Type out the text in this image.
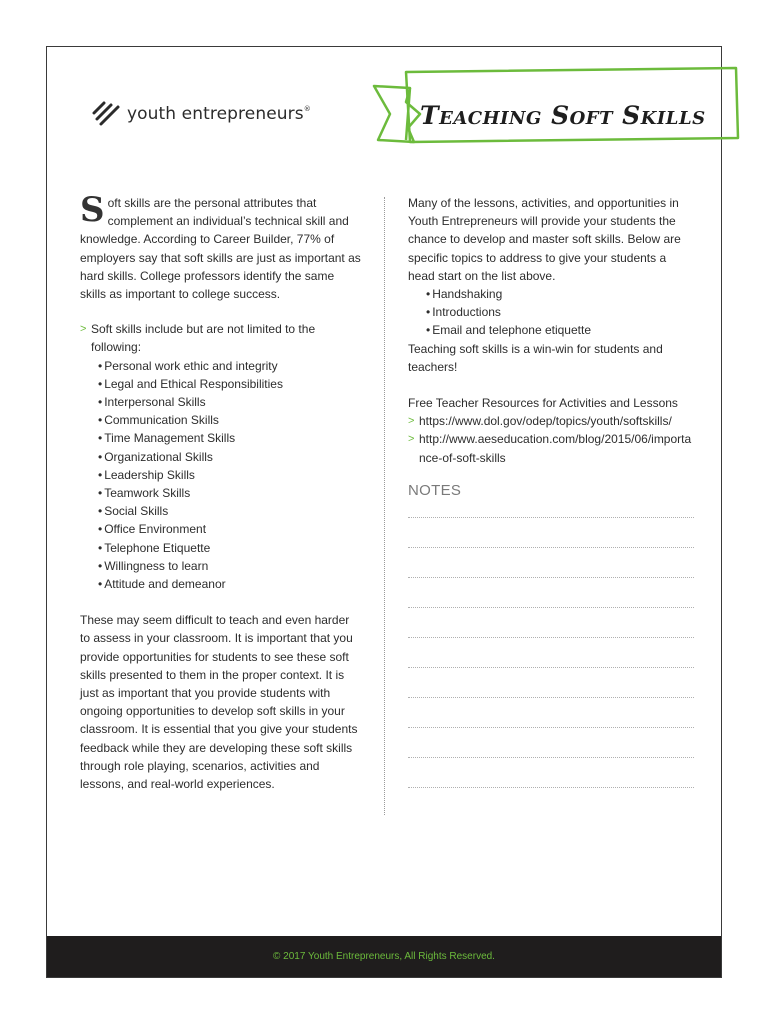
youth entrepreneurs®	Teaching Soft Skills

Soft skills are the personal attributes that complement an individual’s technical skill and knowledge. According to Career Builder, 77% of employers say that soft skills are just as important as hard skills. College professors identify the same skills as important to college success.

> Soft skills include but are not limited to the following:
• Personal work ethic and integrity
• Legal and Ethical Responsibilities
• Interpersonal Skills
• Communication Skills
• Time Management Skills
• Organizational Skills
• Leadership Skills
• Teamwork Skills
• Social Skills
• Office Environment
• Telephone Etiquette
• Willingness to learn
• Attitude and demeanor

These may seem difficult to teach and even harder to assess in your classroom. It is important that you provide opportunities for students to see these soft skills presented to them in the proper context. It is just as important that you provide students with ongoing opportunities to develop soft skills in your classroom. It is essential that you give your students feedback while they are developing these soft skills through role playing, scenarios, activities and lessons, and real-world experiences.

Many of the lessons, activities, and opportunities in Youth Entrepreneurs will provide your students the chance to develop and master soft skills. Below are specific topics to address to give your students a head start on the list above.

• Handshaking
• Introductions
• Email and telephone etiquette

Teaching soft skills is a win-win for students and teachers!

Free Teacher Resources for Activities and Lessons

> https://www.dol.gov/odep/topics/youth/softskills/
> http://www.aeseducation.com/blog/2015/06/importance-of-soft-skills
NOTES
© 2017 Youth Entrepreneurs, All Rights Reserved.
